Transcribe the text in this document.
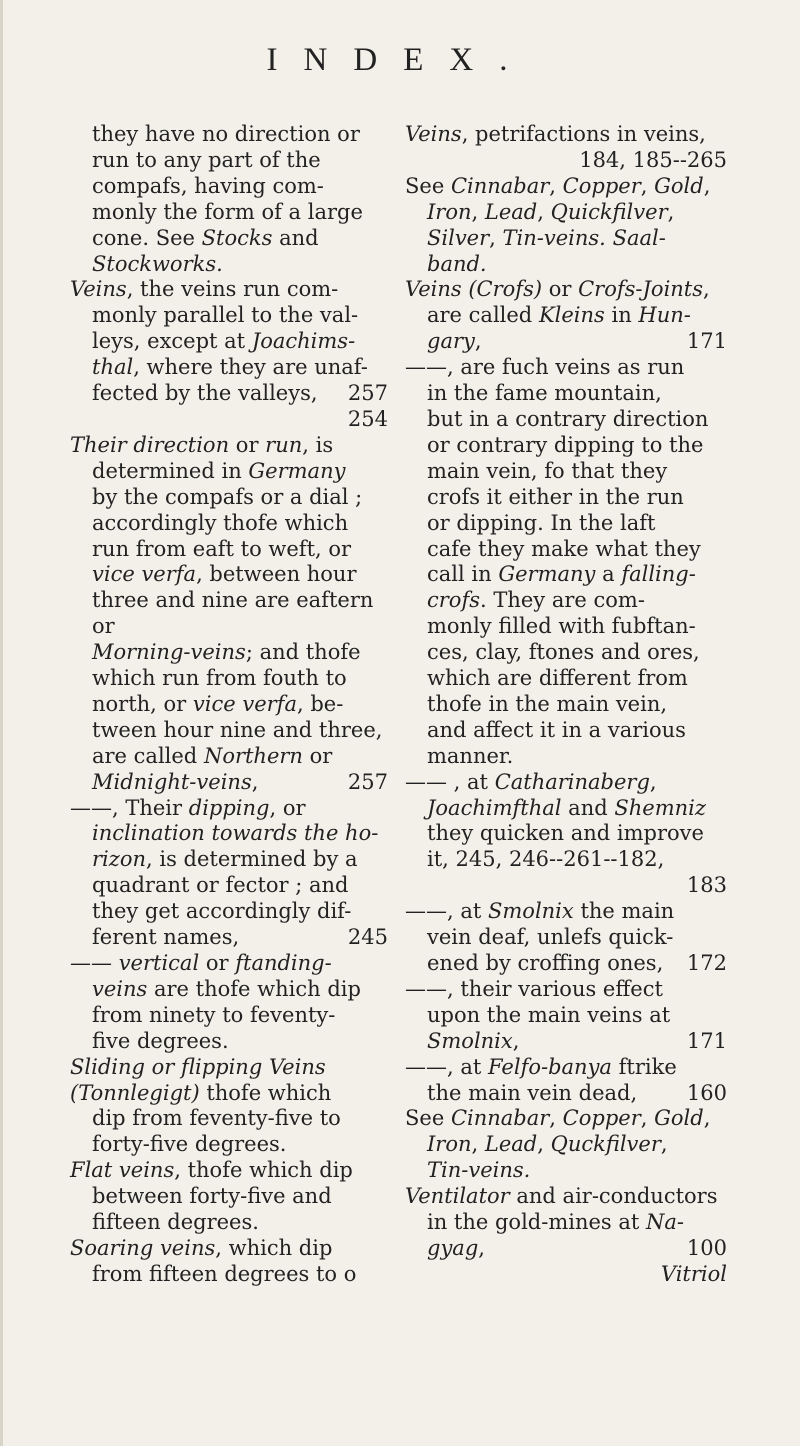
INDEX.
they have no direction or
run to any part of the
compafs, having com-
monly the form of a large
cone. See Stocks and
Stockworks.
Veins, the veins run com-
monly parallel to the val-
leys, except at Joachims-
thal, where they are unaf-
fected by the valleys, 257
254

Their direction or run, is
determined in Germany
by the compafs or a dial ;
accordingly thofe which
run from eaft to weft, or
vice verfa, between hour
three and nine are eaftern or
Morning-veins; and thofe
which run from fouth to
north, or vice verfa, be-
tween hour nine and three,
are called Northern or
Midnight-veins,	257
——, Their dipping, or
inclination towards the ho-
rizon, is determined by a
quadrant or fector ; and
they get accordingly dif-
ferent names,	245
—— vertical or ftanding-
veins are thofe which dip
from ninety to feventy-
five degrees.
Sliding or flipping Veins
(Tonnlegigt) thofe which
dip from feventy-five to
forty-five degrees.
Flat veins, thofe which dip
between forty-five and
fifteen degrees.
Soaring veins, which dip
from fifteen degrees to o
Veins, petrifactions in veins,

184, 185--265
See Cinnabar, Copper, Gold,
Iron, Lead, Quickfilver,
Silver, Tin-veins. Saal-
band.
Veins (Crofs) or Crofs-Joints,
are called Kleins in Hun-
gary,	171
——, are fuch veins as run
in the fame mountain,
but in a contrary direction
or contrary dipping to the
main vein, fo that they
crofs it either in the run
or dipping. In the laft
cafe they make what they
call in Germany a falling-
crofs. They are com-
monly filled with fubftan-
ces, clay, ftones and ores,
which are different from
thofe in the main vein,
and affect it in a various
manner.
—— , at Catharinaberg,
Joachimfthal and Shemniz
they quicken and improve
it, 245, 246--261--182,
183

——, at Smolnix the main
vein deaf, unlefs quick-
ened by croffing ones, 172
——, their various effect
upon the main veins at
Smolnix,	171
——, at Felfo-banya ftrike
the main vein dead, 160
See Cinnabar, Copper, Gold,
Iron, Lead, Quckfilver,
Tin-veins.
Ventilator and air-conductors
in the gold-mines at Na-
gyag,	100
Vitriol
